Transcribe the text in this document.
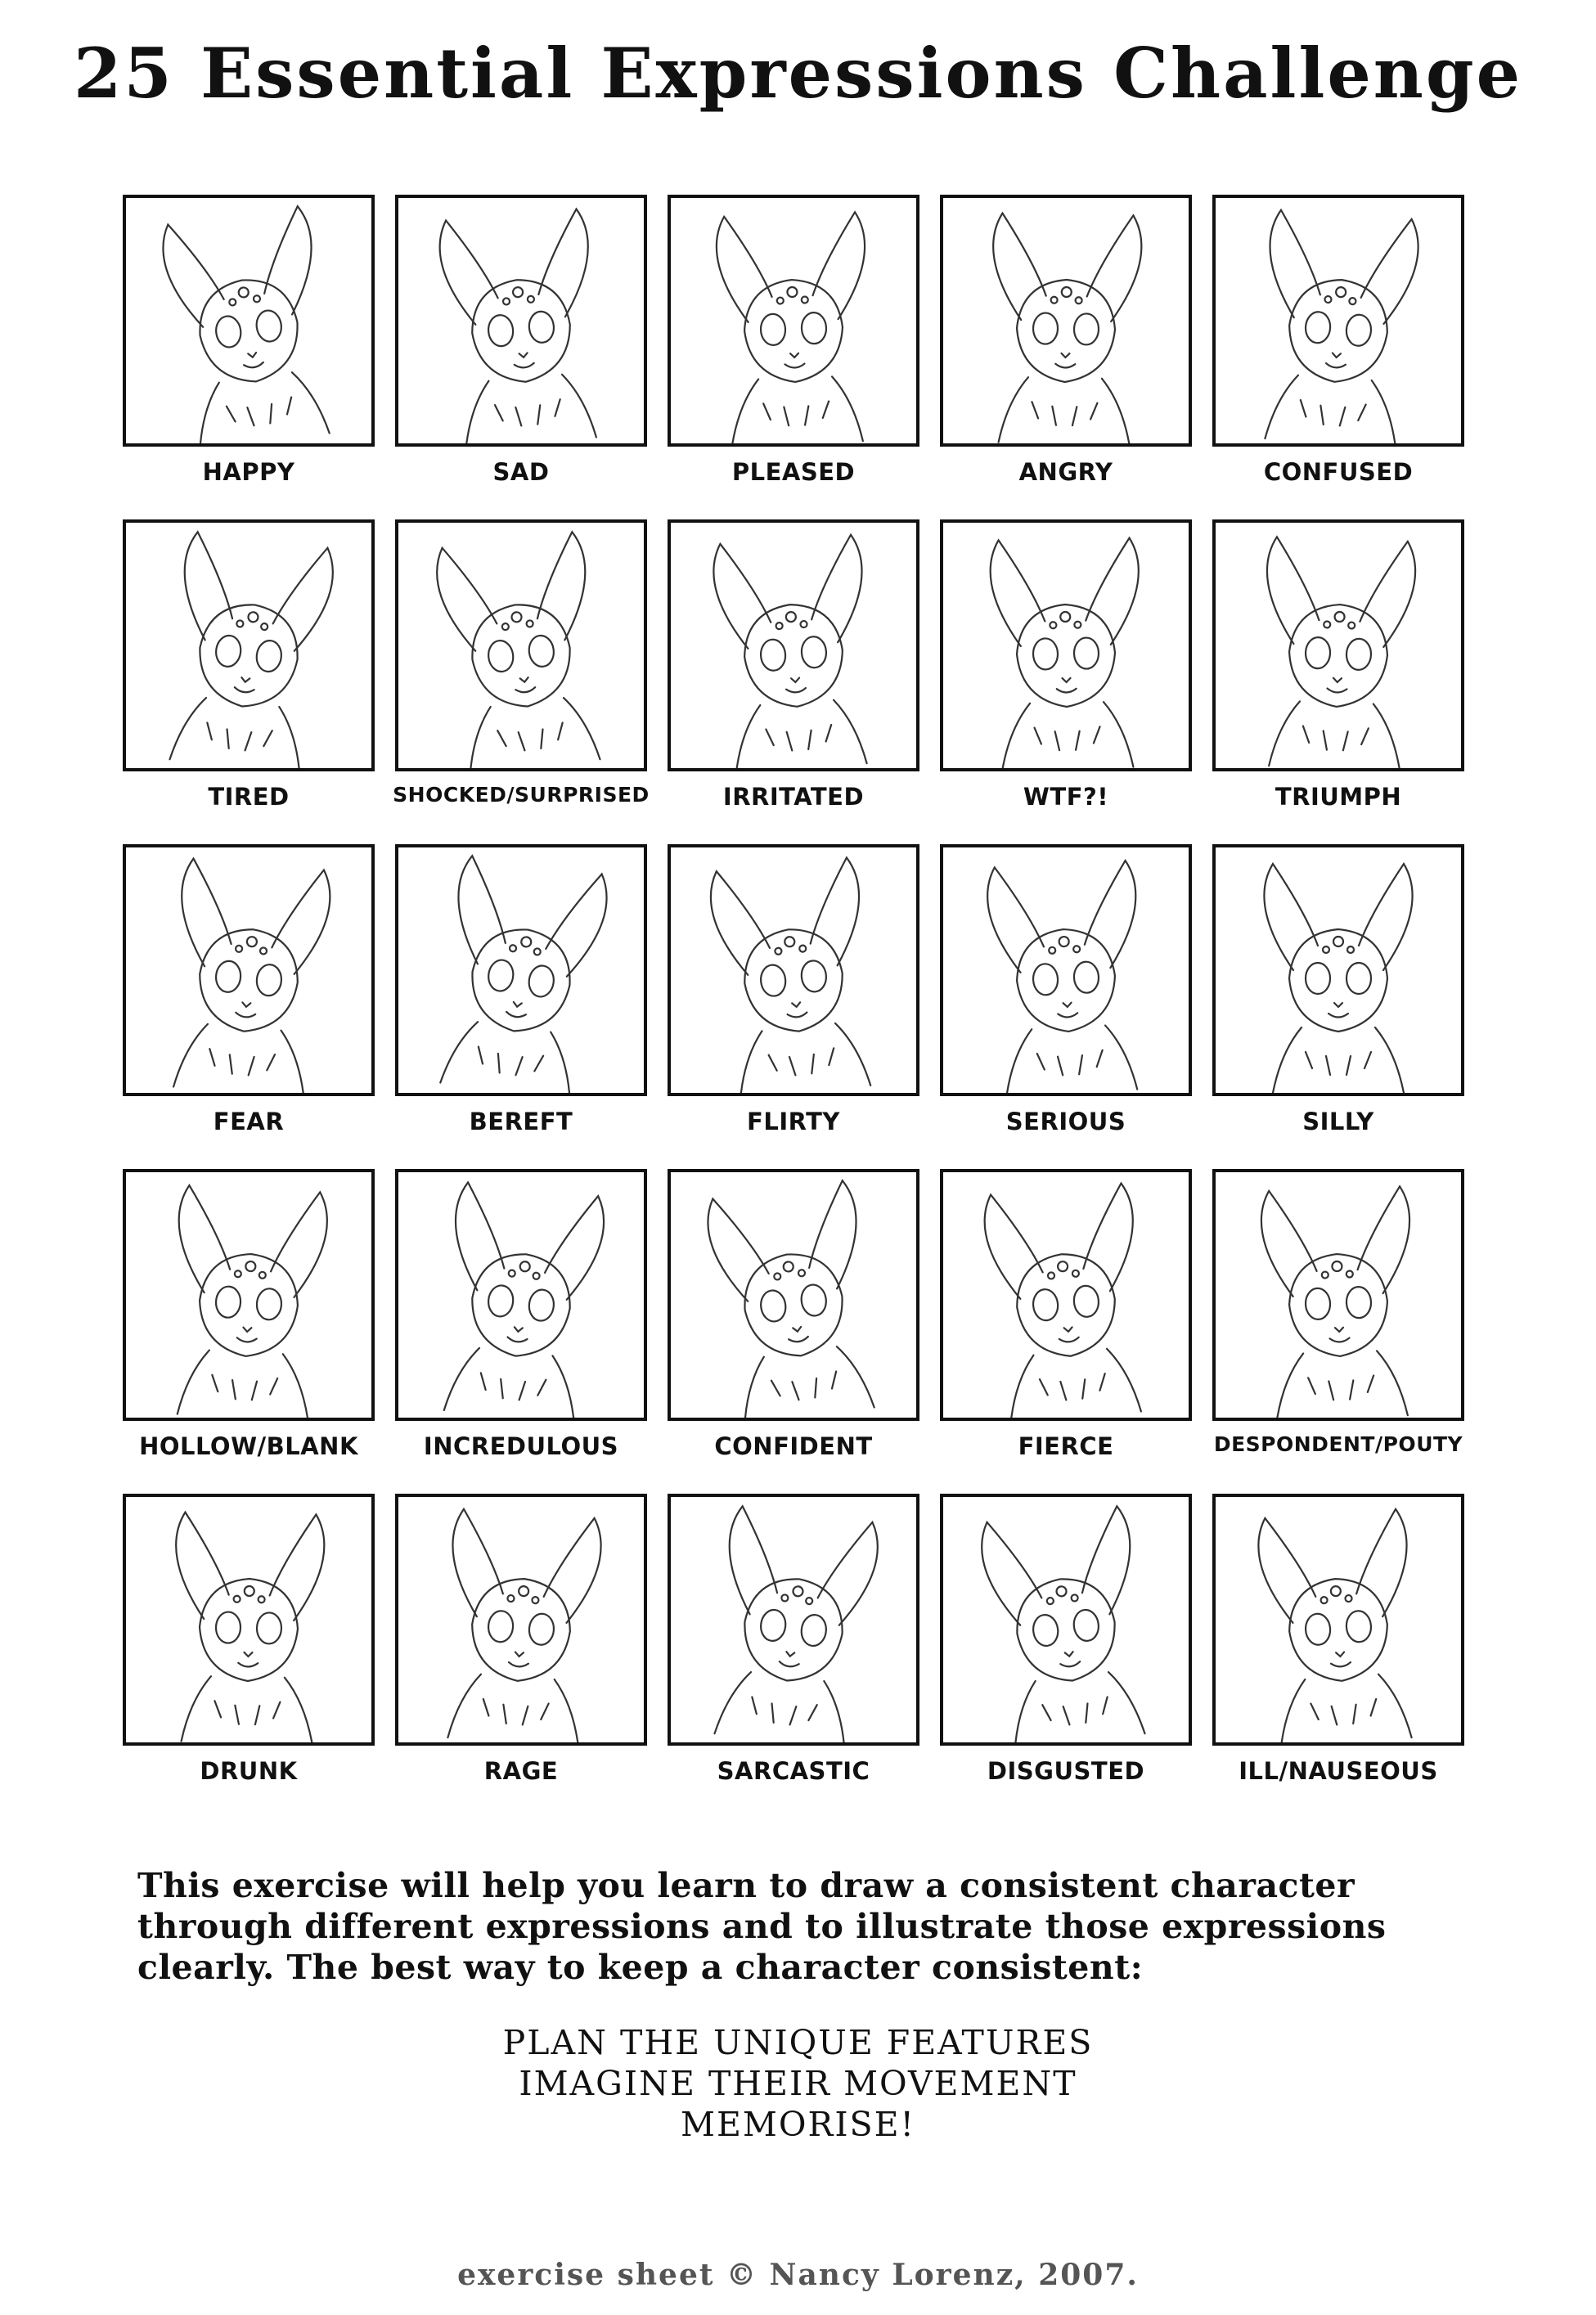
25 Essential Expressions Challenge
HAPPY	SAD	PLEASED	ANGRY	CONFUSED
TIRED	SHOCKED/SURPRISED	IRRITATED	WTF?!	TRIUMPH
FEAR	BEREFT	FLIRTY	SERIOUS	SILLY
HOLLOW/BLANK	INCREDULOUS	CONFIDENT	FIERCE	DESPONDENT/POUTY
DRUNK	RAGE	SARCASTIC	DISGUSTED	ILL/NAUSEOUS
This exercise will help you learn to draw a consistent character through different expressions and to illustrate those expressions clearly. The best way to keep a character consistent:
PLAN THE UNIQUE FEATURES
IMAGINE THEIR MOVEMENT
MEMORISE!
exercise sheet © Nancy Lorenz, 2007.
